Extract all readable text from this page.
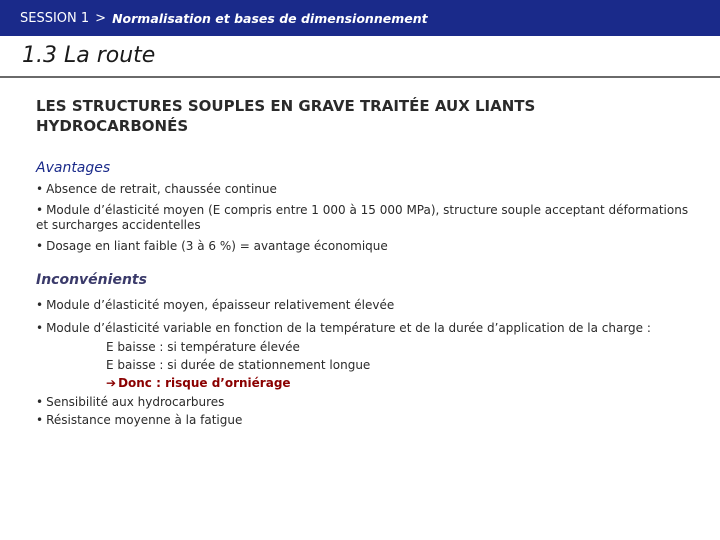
SESSION 1 > Normalisation et bases de dimensionnement
1.3 La route
LES STRUCTURES SOUPLES EN GRAVE TRAITÉE AUX LIANTS
HYDROCARBONÉS
Avantages
• Absence de retrait, chaussée continue
• Module d’élasticité moyen (E compris entre 1 000 à 15 000 MPa), structure souple acceptant déformations
et surcharges accidentelles
• Dosage en liant faible (3 à 6 %) = avantage économique
Inconvénients
• Module d’élasticité moyen, épaisseur relativement élevée
• Module d’élasticité variable en fonction de la température et de la durée d’application de la charge :
E baisse : si température élevée
E baisse : si durée de stationnement longue
➔ Donc : risque d’orniérage
• Sensibilité aux hydrocarbures
• Résistance moyenne à la fatigue
